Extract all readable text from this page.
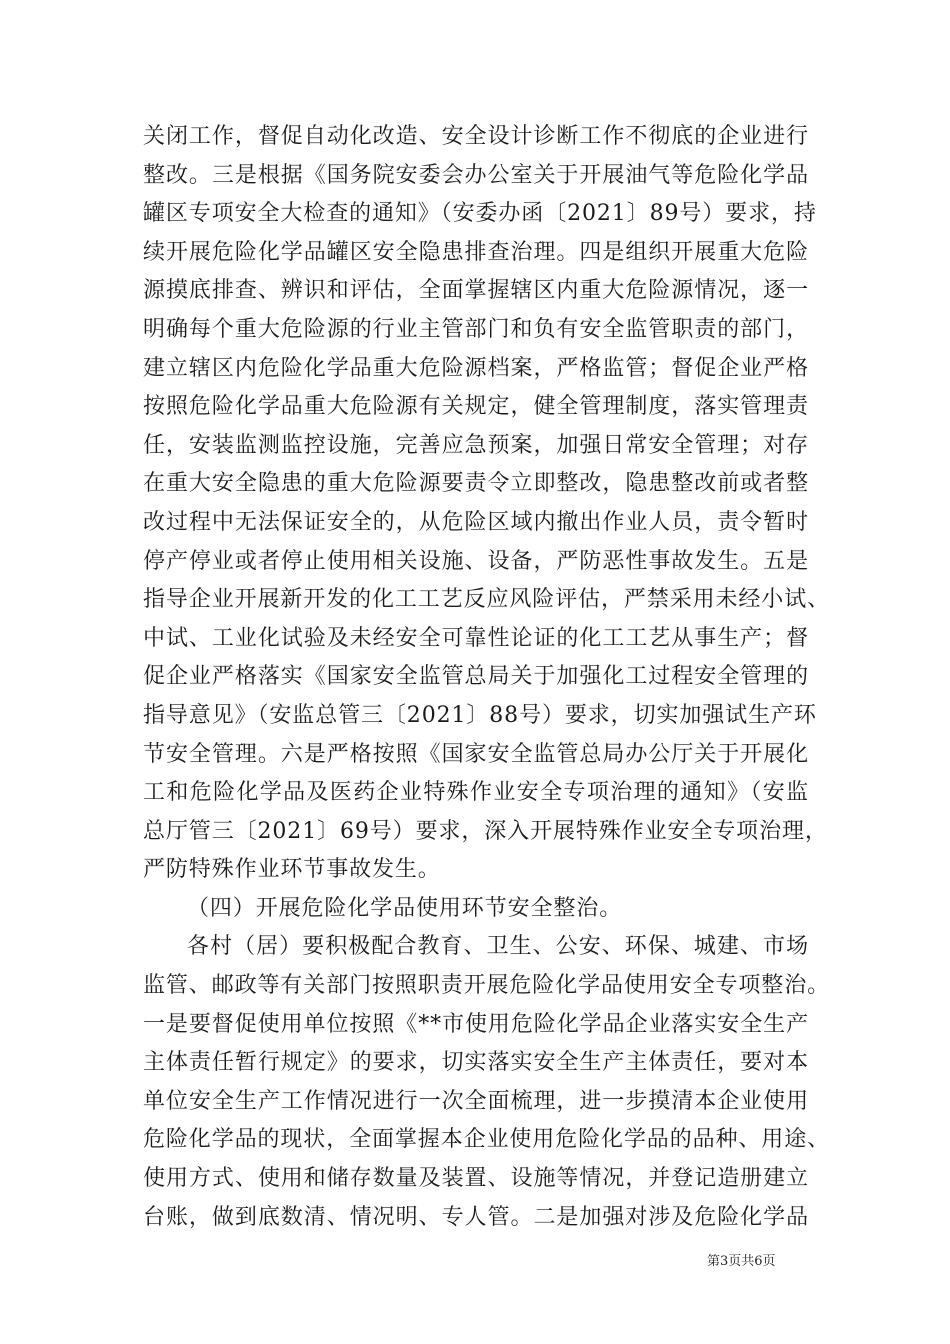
关闭工作，督促自动化改造、安全设计诊断工作不彻底的企业进行
整改。三是根据《国务院安委会办公室关于开展油气等危险化学品
罐区专项安全大检查的通知》（安委办函〔2021〕89号）要求，持
续开展危险化学品罐区安全隐患排查治理。四是组织开展重大危险
源摸底排查、辨识和评估，全面掌握辖区内重大危险源情况，逐一
明确每个重大危险源的行业主管部门和负有安全监管职责的部门，
建立辖区内危险化学品重大危险源档案，严格监管；督促企业严格
按照危险化学品重大危险源有关规定，健全管理制度，落实管理责
任，安装监测监控设施，完善应急预案，加强日常安全管理；对存
在重大安全隐患的重大危险源要责令立即整改，隐患整改前或者整
改过程中无法保证安全的，从危险区域内撤出作业人员，责令暂时
停产停业或者停止使用相关设施、设备，严防恶性事故发生。五是
指导企业开展新开发的化工工艺反应风险评估，严禁采用未经小试、
中试、工业化试验及未经安全可靠性论证的化工工艺从事生产；督
促企业严格落实《国家安全监管总局关于加强化工过程安全管理的
指导意见》（安监总管三〔2021〕88号）要求，切实加强试生产环
节安全管理。六是严格按照《国家安全监管总局办公厅关于开展化
工和危险化学品及医药企业特殊作业安全专项治理的通知》（安监
总厅管三〔2021〕69号）要求，深入开展特殊作业安全专项治理，
严防特殊作业环节事故发生。
（四）开展危险化学品使用环节安全整治。
各村（居）要积极配合教育、卫生、公安、环保、城建、市场
监管、邮政等有关部门按照职责开展危险化学品使用安全专项整治。
一是要督促使用单位按照《**市使用危险化学品企业落实安全生产
主体责任暂行规定》的要求，切实落实安全生产主体责任，要对本
单位安全生产工作情况进行一次全面梳理，进一步摸清本企业使用
危险化学品的现状，全面掌握本企业使用危险化学品的品种、用途、
使用方式、使用和储存数量及装置、设施等情况，并登记造册建立
台账，做到底数清、情况明、专人管。二是加强对涉及危险化学品
第3页共6页
